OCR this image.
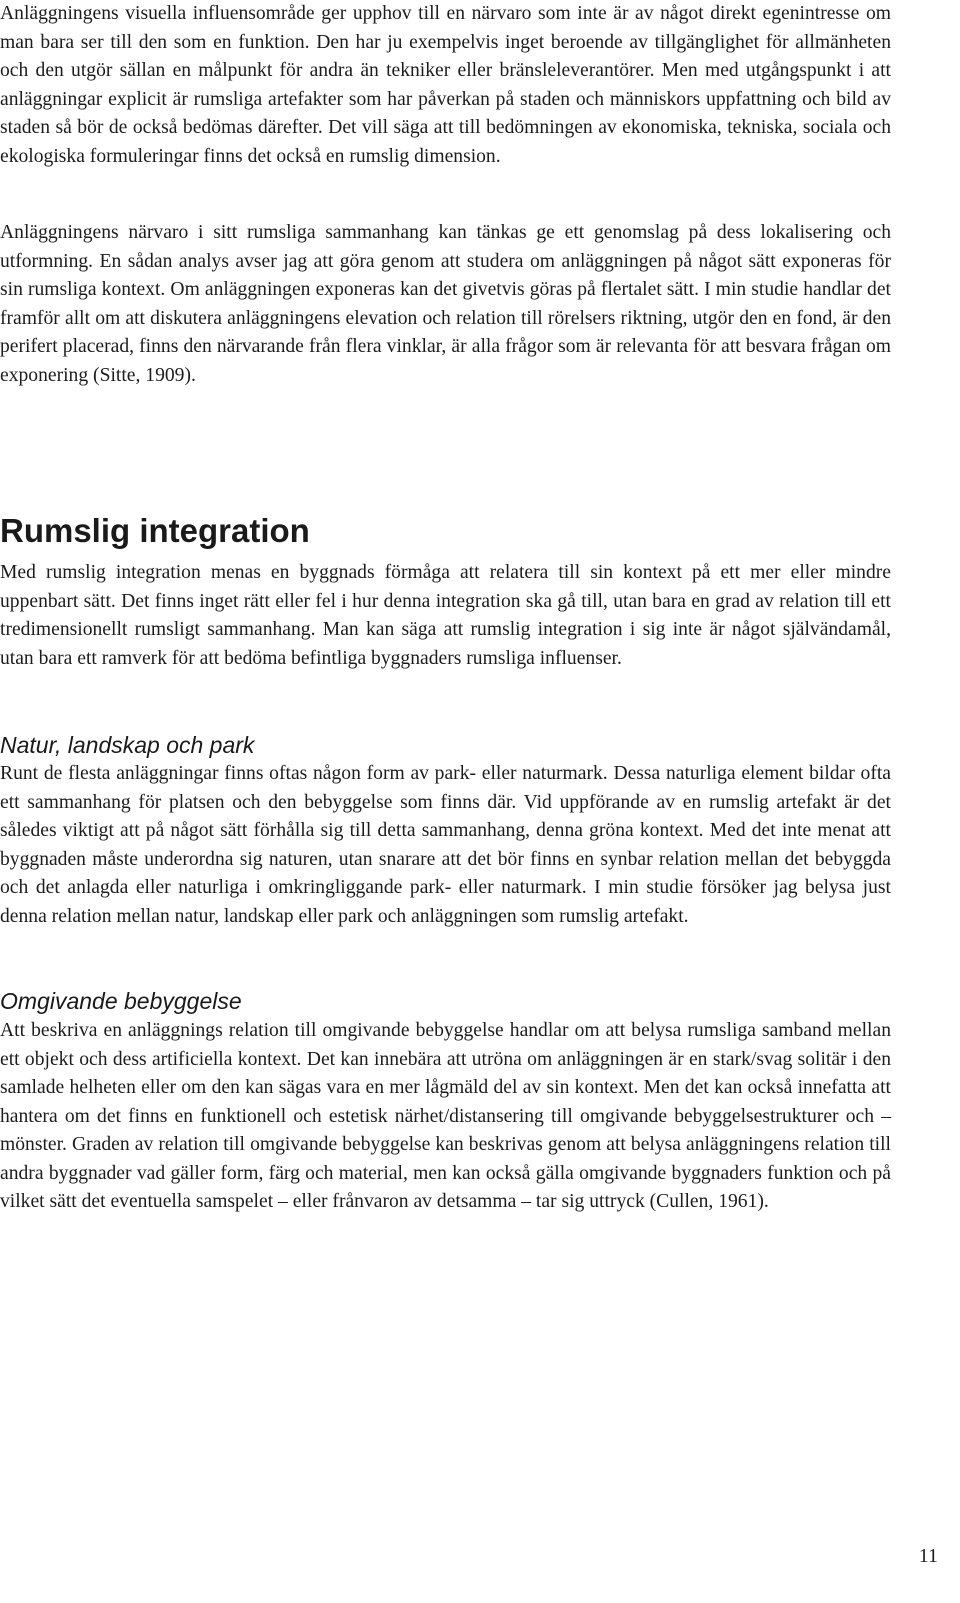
Anläggningens visuella influensområde ger upphov till en närvaro som inte är av något direkt egenintresse om man bara ser till den som en funktion. Den har ju exempelvis inget beroende av tillgänglighet för allmänheten och den utgör sällan en målpunkt för andra än tekniker eller bränsleleverantörer. Men med utgångspunkt i att anläggningar explicit är rumsliga artefakter som har påverkan på staden och människors uppfattning och bild av staden så bör de också bedömas därefter. Det vill säga att till bedömningen av ekonomiska, tekniska, sociala och ekologiska formuleringar finns det också en rumslig dimension.

Anläggningens närvaro i sitt rumsliga sammanhang kan tänkas ge ett genomslag på dess lokalisering och utformning. En sådan analys avser jag att göra genom att studera om anläggningen på något sätt exponeras för sin rumsliga kontext. Om anläggningen exponeras kan det givetvis göras på flertalet sätt. I min studie handlar det framför allt om att diskutera anläggningens elevation och relation till rörelsers riktning, utgör den en fond, är den perifert placerad, finns den närvarande från flera vinklar, är alla frågor som är relevanta för att besvara frågan om exponering (Sitte, 1909).

Rumslig integration

Med rumslig integration menas en byggnads förmåga att relatera till sin kontext på ett mer eller mindre uppenbart sätt. Det finns inget rätt eller fel i hur denna integration ska gå till, utan bara en grad av relation till ett tredimensionellt rumsligt sammanhang. Man kan säga att rumslig integration i sig inte är något självändamål, utan bara ett ramverk för att bedöma befintliga byggnaders rumsliga influenser.

Natur, landskap och park

Runt de flesta anläggningar finns oftas någon form av park- eller naturmark. Dessa naturliga element bildar ofta ett sammanhang för platsen och den bebyggelse som finns där. Vid uppförande av en rumslig artefakt är det således viktigt att på något sätt förhålla sig till detta sammanhang, denna gröna kontext. Med det inte menat att byggnaden måste underordna sig naturen, utan snarare att det bör finns en synbar relation mellan det bebyggda och det anlagda eller naturliga i omkringliggande park- eller naturmark. I min studie försöker jag belysa just denna relation mellan natur, landskap eller park och anläggningen som rumslig artefakt.

Omgivande bebyggelse

Att beskriva en anläggnings relation till omgivande bebyggelse handlar om att belysa rumsliga samband mellan ett objekt och dess artificiella kontext. Det kan innebära att utröna om anläggningen är en stark/svag solitär i den samlade helheten eller om den kan sägas vara en mer lågmäld del av sin kontext. Men det kan också innefatta att hantera om det finns en funktionell och estetisk närhet/distansering till omgivande bebyggelsestrukturer och –mönster. Graden av relation till omgivande bebyggelse kan beskrivas genom att belysa anläggningens relation till andra byggnader vad gäller form, färg och material, men kan också gälla omgivande byggnaders funktion och på vilket sätt det eventuella samspelet – eller frånvaron av detsamma – tar sig uttryck (Cullen, 1961).

11
